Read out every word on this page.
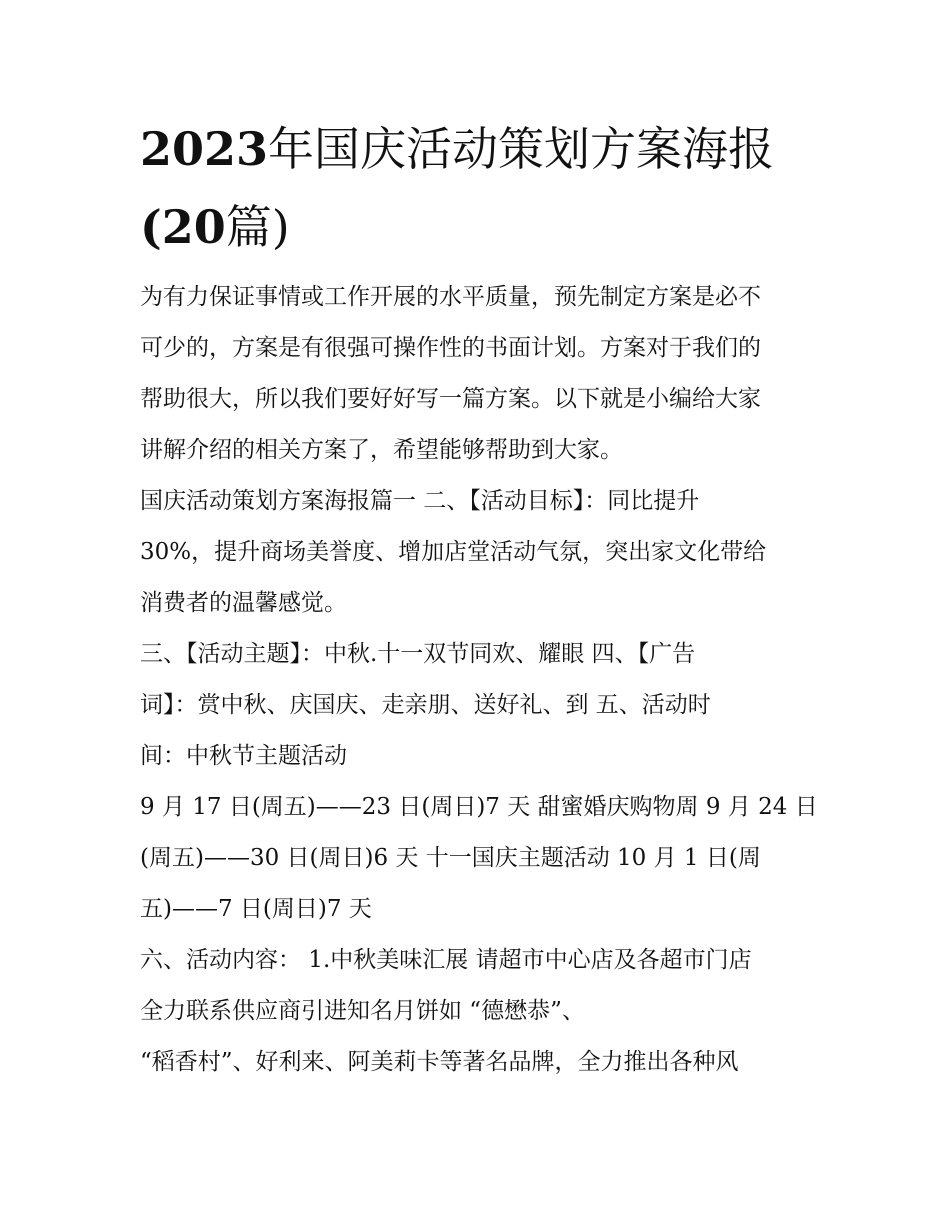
2023年国庆活动策划方案海报
(20篇)

为有力保证事情或工作开展的水平质量，预先制定方案是必不
可少的，方案是有很强可操作性的书面计划。方案对于我们的
帮助很大，所以我们要好好写一篇方案。以下就是小编给大家
讲解介绍的相关方案了，希望能够帮助到大家。

国庆活动策划方案海报篇一 二、【活动目标】：同比提升
30%，提升商场美誉度、增加店堂活动气氛，突出家文化带给
消费者的温馨感觉。

三、【活动主题】：中秋.十一双节同欢、耀眼 四、【广告
词】：赏中秋、庆国庆、走亲朋、送好礼、到 五、活动时
间：中秋节主题活动

9 月 17 日(周五)——23 日(周日)7 天 甜蜜婚庆购物周 9 月 24 日
(周五)——30 日(周日)6 天 十一国庆主题活动 10 月 1 日(周
五)——7 日(周日)7 天

六、活动内容： 1.中秋美味汇展 请超市中心店及各超市门店
全力联系供应商引进知名月饼如 “德懋恭”、
“稻香村”、好利来、阿美莉卡等著名品牌，全力推出各种风
